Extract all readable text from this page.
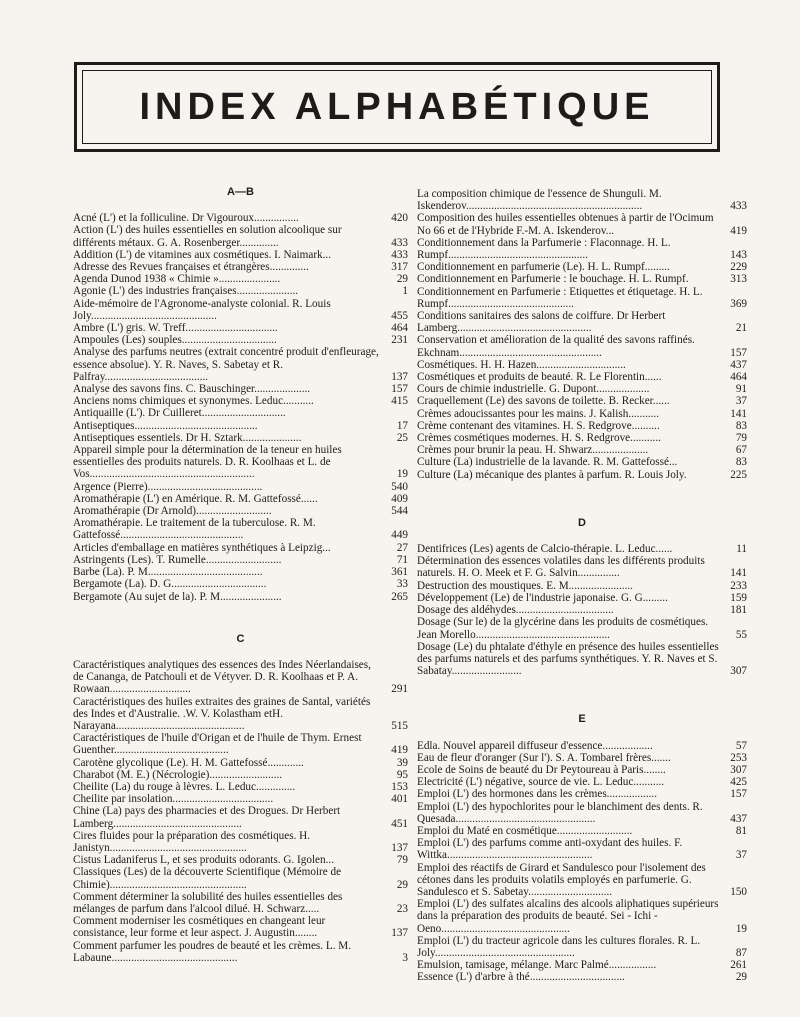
INDEX ALPHABÉTIQUE

A—B

Acné (L') et la folliculine. Dr Vigouroux................	420
Action (L') des huiles essentielles en solution alcoolique sur différents métaux. G. A. Rosenberger..............	433
Addition (L') de vitamines aux cosmétiques. I. Naimark...	433
Adresse des Revues françaises et étrangères..............	317
Agenda Dunod 1938 « Chimie »......................	29
Agonie (L') des industries françaises......................	1
Aide-mémoire de l'Agronome-analyste colonial. R. Louis Joly.............................................	455
Ambre (L') gris. W. Treff.................................	464
Ampoules (Les) souples..................................	231
Analyse des parfums neutres (extrait concentré produit d'enfleurage, essence absolue). Y. R. Naves, S. Sabetay et R. Palfray.....................................	137
Analyse des savons fins. C. Bauschinger....................	157
Anciens noms chimiques et synonymes. Leduc...........	415
Antiquaille (L'). Dr Cuilleret..............................
Antiseptiques............................................	17
Antiseptiques essentiels. Dr H. Sztark.....................	25
Appareil simple pour la détermination de la teneur en huiles essentielles des produits naturels. D. R. Koolhaas et L. de Vos...........................................................	19
Argence (Pierre).........................................	540
Aromathérapie (L') en Amérique. R. M. Gattefossé......	409
Aromathérapie (Dr Arnold)...........................	544
Aromathérapie. Le traitement de la tuberculose. R. M. Gattefossé............................................	449
Articles d'emballage en matières synthétiques à Leipzig...	27
Astringents (Les). T. Rumelle...........................	71
Barbe (La). P. M.........................................	361
Bergamote (La). D. G..................................	33
Bergamote (Au sujet de la). P. M......................	265

C

Caractéristiques analytiques des essences des Indes Néerlandaises, de Cananga, de Patchouli et de Vétyver. D. R. Koolhaas et P. A. Rowaan.............................	291
Caractéristiques des huiles extraites des graines de Santal, variétés des Indes et d'Australie. .W. V. Kolastham etH. Narayana..............................................	515
Caractéristiques de l'huile d'Origan et de l'huile de Thym. Ernest Guenther.........................................	419
Carotène glycolique (Le). H. M. Gattefossé.............	39
Charabot (M. E.) (Nécrologie)..........................	95
Cheilite (La) du rouge à lèvres. L. Leduc..............	153
Cheilite par insolation....................................	401
Chine (La) pays des pharmacies et des Drogues. Dr Herbert Lamberg..............................................	451
Cires fluides pour la préparation des cosmétiques. H. Janistyn.................................................	137
Cistus Ladaniferus L, et ses produits odorants. G. Igolen...	79
Classiques (Les) de la découverte Scientifique (Mémoire de Chimie).................................................	29
Comment déterminer la solubilité des huiles essentielles des mélanges de parfum dans l'alcool dilué. H. Schwarz.....	23
Comment moderniser les cosmétiques en changeant leur consistance, leur forme et leur aspect. J. Augustin........	137
Comment parfumer les poudres de beauté et les crèmes. L. M. Labaune.............................................	3
La composition chimique de l'essence de Shunguli. M. Iskenderov...............................................................	433
Composition des huiles essentielles obtenues à partir de l'Ocimum No 66 et de l'Hybride F.-M. A. Iskenderov...	419
Conditionnement dans la Parfumerie : Flaconnage. H. L. Rumpf..................................................	143
Conditionnement en parfumerie (Le). H. L. Rumpf.........	229
Conditionnement en Parfumerie : le bouchage. H. L. Rumpf.	313
Conditionnement en Parfumerie : Etiquettes et étiquetage. H. L. Rumpf.............................................	369
Conditions sanitaires des salons de coiffure. Dr Herbert Lamberg................................................	21
Conservation et amélioration de la qualité des savons raffinés. Ekchnam...................................................	157
Cosmétiques. H. H. Hazen................................	437
Cosmétiques et produits de beauté. R. Le Florentin......	464
Cours de chimie industrielle. G. Dupont...................	91
Craquellement (Le) des savons de toilette. B. Recker......	37
Crèmes adoucissantes pour les mains. J. Kalish...........	141
Crème contenant des vitamines. H. S. Redgrove..........	83
Crèmes cosmétiques modernes. H. S. Redgrove...........	79
Crèmes pour brunir la peau. H. Shwarz....................	67
Culture (La) industrielle de la lavande. R. M. Gattefossé...	83
Culture (La) mécanique des plantes à parfum. R. Louis Joly.	225

D

Dentifrices (Les) agents de Calcio-thérapie. L. Leduc......	11
Détermination des essences volatiles dans les différents produits naturels. H. O. Meek et F. G. Salvin...............	141
Destruction des moustiques. E. M.......................	233
Développement (Le) de l'industrie japonaise. G. G.........	159
Dosage des aldéhydes...................................	181
Dosage (Sur le) de la glycérine dans les produits de cosmétiques. Jean Morello................................................	55
Dosage (Le) du phtalate d'éthyle en présence des huiles essentielles des parfums naturels et des parfums synthétiques. Y. R. Naves et S. Sabatay.........................	307

E

Edla. Nouvel appareil diffuseur d'essence..................	57
Eau de fleur d'oranger (Sur l'). S. A. Tombarel frères.......	253
Ecole de Soins de beauté du Dr Peytoureau à Paris........	307
Electricité (L') négative, source de vie. L. Leduc...........	425
Emploi (L') des hormones dans les crèmes..................	157
Emploi (L') des hypochlorites pour le blanchiment des dents. R. Quesada..................................................	437
Emploi du Maté en cosmétique...........................	81
Emploi (L') des parfums comme anti-oxydant des huiles. F. Wittka....................................................	37
Emploi des réactifs de Girard et Sandulesco pour l'isolement des cétones dans les produits volatils employés en parfumerie. G. Sandulesco et S. Sabetay..............................	150
Emploi (L') des sulfates alcalins des alcools aliphatiques supérieurs dans la préparation des produits de beauté. Sei - Ichi - Oeno..............................................	19
Emploi (L') du tracteur agricole dans les cultures florales. R. L. Joly..................................................	87
Emulsion, tamisage, mélange. Marc Palmé.................	261
Essence (L') d'arbre à thé..................................	29
